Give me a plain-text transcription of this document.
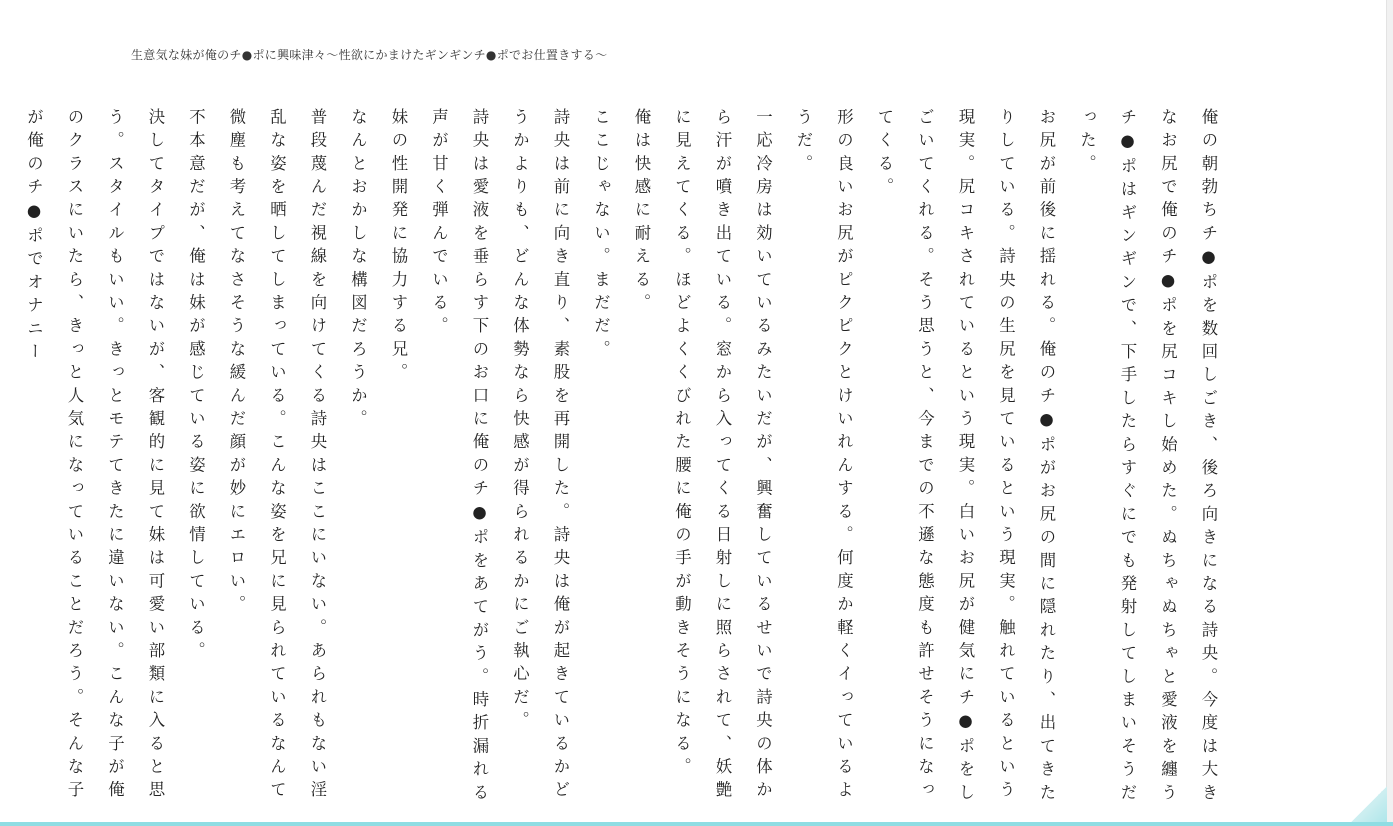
生意気な妹が俺のチ●ポに興味津々〜性欲にかまけたギンギンチ●ポでお仕置きする〜

俺の朝勃ちチ●ポを数回しごき、後ろ向きになる詩央。今度は大きなお尻で俺のチ●ポを尻コキし始めた。ぬちゃぬちゃと愛液を纏うチ●ポはギンギンで、下手したらすぐにでも発射してしまいそうだった。

お尻が前後に揺れる。俺のチ●ポがお尻の間に隠れたり、出てきたりしている。詩央の生尻を見ているという現実。触れているという現実。尻コキされているという現実。白いお尻が健気にチ●ポをしごいてくれる。そう思うと、今までの不遜な態度も許せそうになってくる。

形の良いお尻がピクピクとけいれんする。何度か軽くイっているようだ。

一応冷房は効いているみたいだが、興奮しているせいで詩央の体から汗が噴き出ている。窓から入ってくる日射しに照らされて、妖艶に見えてくる。ほどよくくびれた腰に俺の手が動きそうになる。

俺は快感に耐える。

ここじゃない。まだだ。

詩央は前に向き直り、素股を再開した。詩央は俺が起きているかどうかよりも、どんな体勢なら快感が得られるかにご執心だ。

詩央は愛液を垂らす下のお口に俺のチ●ポをあてがう。時折漏れる声が甘く弾んでいる。

妹の性開発に協力する兄。

なんとおかしな構図だろうか。

普段蔑んだ視線を向けてくる詩央はここにいない。あられもない淫乱な姿を晒してしまっている。こんな姿を兄に見られているなんて微塵も考えてなさそうな緩んだ顔が妙にエロい。

不本意だが、俺は妹が感じている姿に欲情している。

決してタイプではないが、客観的に見て妹は可愛い部類に入ると思う。スタイルもいい。きっとモテてきたに違いない。こんな子が俺のクラスにいたら、きっと人気になっていることだろう。そんな子が俺のチ●ポでオナニー
